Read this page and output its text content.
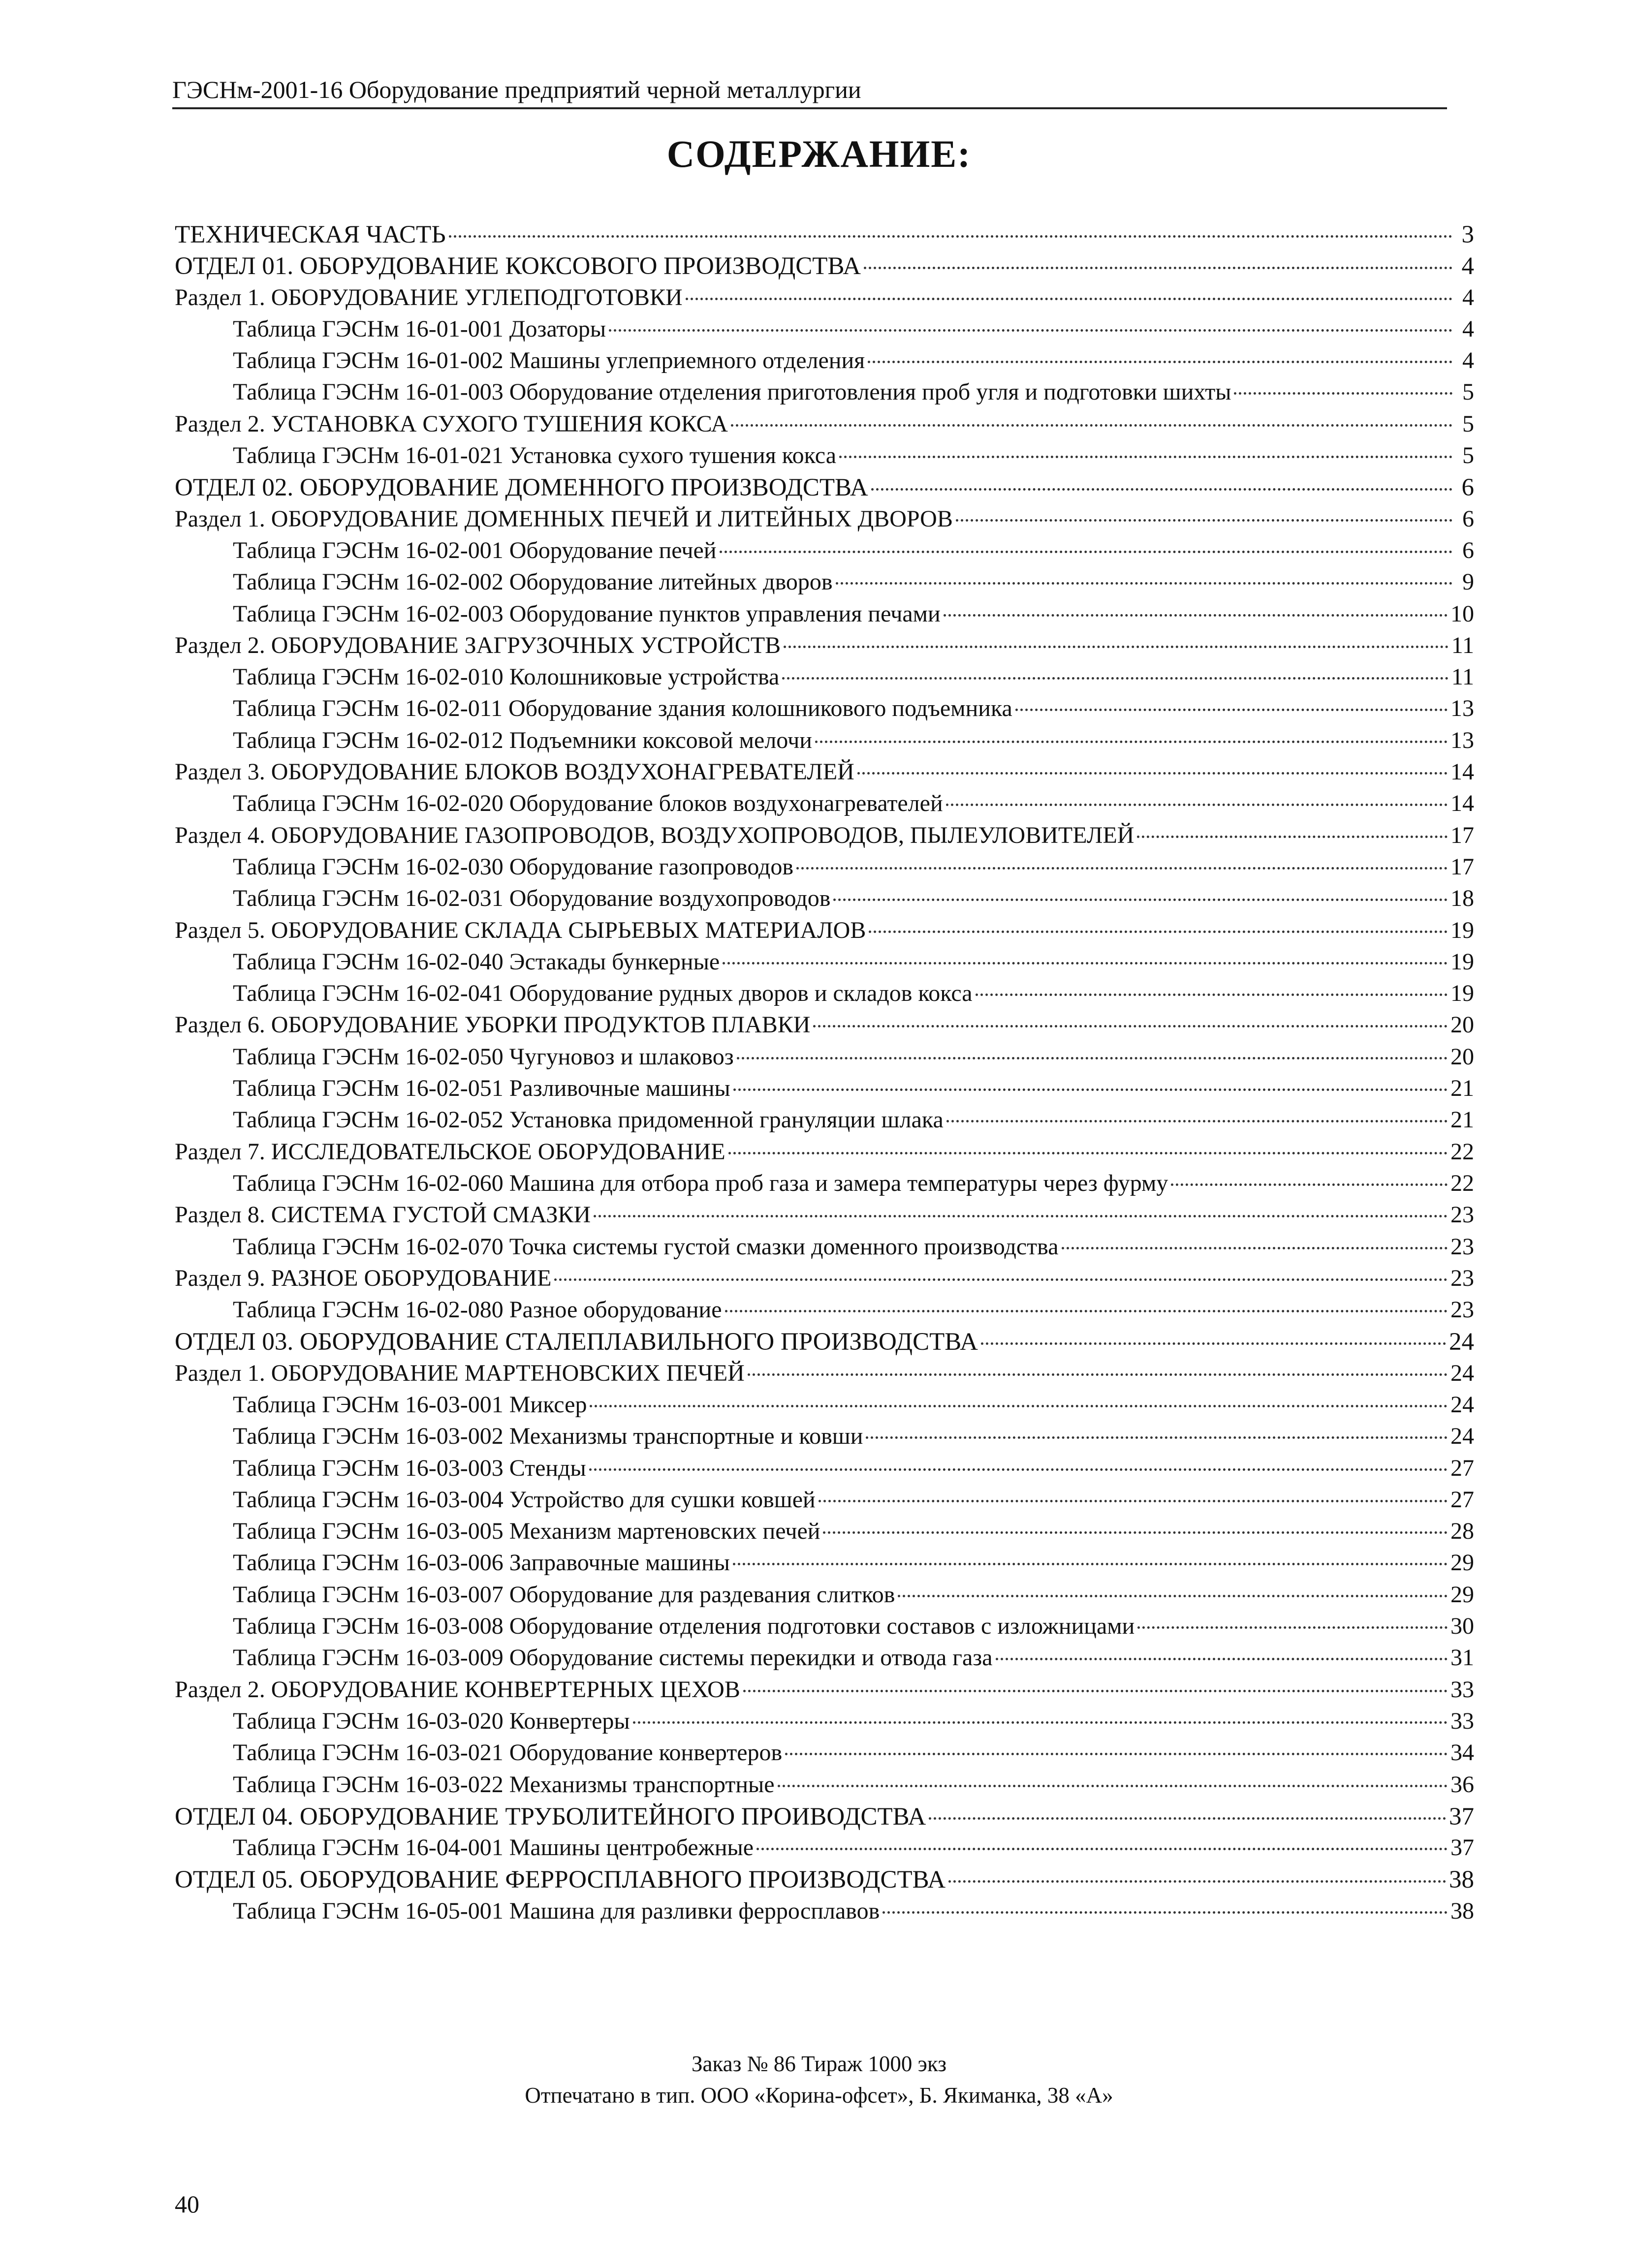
ГЭСНм-2001-16 Оборудование предприятий черной металлургии
СОДЕРЖАНИЕ:
ТЕХНИЧЕСКАЯ ЧАСТЬ	3
ОТДЕЛ 01. ОБОРУДОВАНИЕ КОКСОВОГО ПРОИЗВОДСТВА	4
Раздел 1. ОБОРУДОВАНИЕ УГЛЕПОДГОТОВКИ	4
Таблица ГЭСНм 16-01-001 Дозаторы	4
Таблица ГЭСНм 16-01-002 Машины углеприемного отделения	4
Таблица ГЭСНм 16-01-003 Оборудование отделения приготовления проб угля и подготовки шихты	5
Раздел 2. УСТАНОВКА СУХОГО ТУШЕНИЯ КОКСА	5
Таблица ГЭСНм 16-01-021 Установка сухого тушения кокса	5
ОТДЕЛ 02. ОБОРУДОВАНИЕ ДОМЕННОГО ПРОИЗВОДСТВА	6
Раздел 1. ОБОРУДОВАНИЕ ДОМЕННЫХ ПЕЧЕЙ И ЛИТЕЙНЫХ ДВОРОВ	6
Таблица ГЭСНм 16-02-001 Оборудование печей	6
Таблица ГЭСНм 16-02-002 Оборудование литейных дворов	9
Таблица ГЭСНм 16-02-003 Оборудование пунктов управления печами	10
Раздел 2. ОБОРУДОВАНИЕ ЗАГРУЗОЧНЫХ УСТРОЙСТВ	11
Таблица ГЭСНм 16-02-010 Колошниковые устройства	11
Таблица ГЭСНм 16-02-011 Оборудование здания колошникового подъемника	13
Таблица ГЭСНм 16-02-012 Подъемники коксовой мелочи	13
Раздел 3. ОБОРУДОВАНИЕ БЛОКОВ ВОЗДУХОНАГРЕВАТЕЛЕЙ	14
Таблица ГЭСНм 16-02-020 Оборудование блоков воздухонагревателей	14
Раздел 4. ОБОРУДОВАНИЕ ГАЗОПРОВОДОВ, ВОЗДУХОПРОВОДОВ, ПЫЛЕУЛОВИТЕЛЕЙ	17
Таблица ГЭСНм 16-02-030 Оборудование газопроводов	17
Таблица ГЭСНм 16-02-031 Оборудование воздухопроводов	18
Раздел 5. ОБОРУДОВАНИЕ СКЛАДА СЫРЬЕВЫХ МАТЕРИАЛОВ	19
Таблица ГЭСНм 16-02-040 Эстакады бункерные	19
Таблица ГЭСНм 16-02-041 Оборудование рудных дворов и складов кокса	19
Раздел 6. ОБОРУДОВАНИЕ УБОРКИ ПРОДУКТОВ ПЛАВКИ	20
Таблица ГЭСНм 16-02-050 Чугуновоз и шлаковоз	20
Таблица ГЭСНм 16-02-051 Разливочные машины	21
Таблица ГЭСНм 16-02-052 Установка придоменной грануляции шлака	21
Раздел 7. ИССЛЕДОВАТЕЛЬСКОЕ ОБОРУДОВАНИЕ	22
Таблица ГЭСНм 16-02-060 Машина для отбора проб газа и замера температуры через фурму	22
Раздел 8. СИСТЕМА ГУСТОЙ СМАЗКИ	23
Таблица ГЭСНм 16-02-070 Точка системы густой смазки доменного производства	23
Раздел 9. РАЗНОЕ ОБОРУДОВАНИЕ	23
Таблица ГЭСНм 16-02-080 Разное оборудование	23
ОТДЕЛ 03. ОБОРУДОВАНИЕ СТАЛЕПЛАВИЛЬНОГО ПРОИЗВОДСТВА	24
Раздел 1. ОБОРУДОВАНИЕ МАРТЕНОВСКИХ ПЕЧЕЙ	24
Таблица ГЭСНм 16-03-001 Миксер	24
Таблица ГЭСНм 16-03-002 Механизмы транспортные и ковши	24
Таблица ГЭСНм 16-03-003 Стенды	27
Таблица ГЭСНм 16-03-004 Устройство для сушки ковшей	27
Таблица ГЭСНм 16-03-005 Механизм мартеновских печей	28
Таблица ГЭСНм 16-03-006 Заправочные машины	29
Таблица ГЭСНм 16-03-007 Оборудование для раздевания слитков	29
Таблица ГЭСНм 16-03-008 Оборудование отделения подготовки составов с изложницами	30
Таблица ГЭСНм 16-03-009 Оборудование системы перекидки и отвода газа	31
Раздел 2. ОБОРУДОВАНИЕ КОНВЕРТЕРНЫХ ЦЕХОВ	33
Таблица ГЭСНм 16-03-020 Конвертеры	33
Таблица ГЭСНм 16-03-021 Оборудование конвертеров	34
Таблица ГЭСНм 16-03-022 Механизмы транспортные	36
ОТДЕЛ 04. ОБОРУДОВАНИЕ ТРУБОЛИТЕЙНОГО ПРОИВОДСТВА	37
Таблица ГЭСНм 16-04-001 Машины центробежные	37
ОТДЕЛ 05. ОБОРУДОВАНИЕ ФЕРРОСПЛАВНОГО ПРОИЗВОДСТВА	38
Таблица ГЭСНм 16-05-001 Машина для разливки ферросплавов	38
Заказ № 86 Тираж 1000 экз
Отпечатано в тип. ООО «Корина-офсет», Б. Якиманка, 38 «А»
40
